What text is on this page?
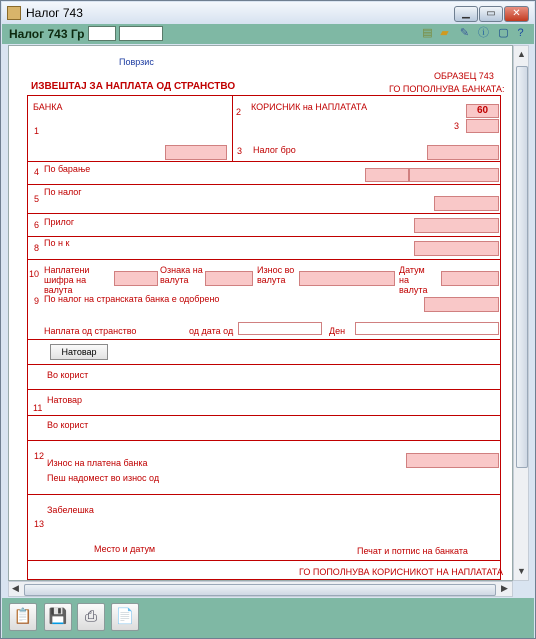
Налог 743	▁	▭	✕
Налог 743 Гр	▤ ▰ ✎ ⓘ ▢ ?
Поврзис
ОБРАЗЕЦ 743
ИЗВЕШТАЈ ЗА НАПЛАТА ОД СТРАНСТВО	ГО ПОПОЛНУВА БАНКАТА:
БАНКА
1
2 КОРИСНИК на НАПЛАТАТА	60
3
3 Налог бро
4 По барање
5
По налог
6 Прилог
8 По н к
10 Наплатени шифра на валута
Ознака на валута
Износ во валута
Датум на валута
9 По налог на странската банка е одобрено
Наплата од странство	од дата од	Ден
Натовар
Во корист
11
Натовар
Во корист
12
Износ на платена банка
Пеш надомест во износ од
Забелешка
13
Место и датум	Печат и потпис на банката
ГО ПОПОЛНУВА КОРИСНИКОТ НА НАПЛАТАТА
▲
▼
◀	▶
📋	💾	⎙	📄
